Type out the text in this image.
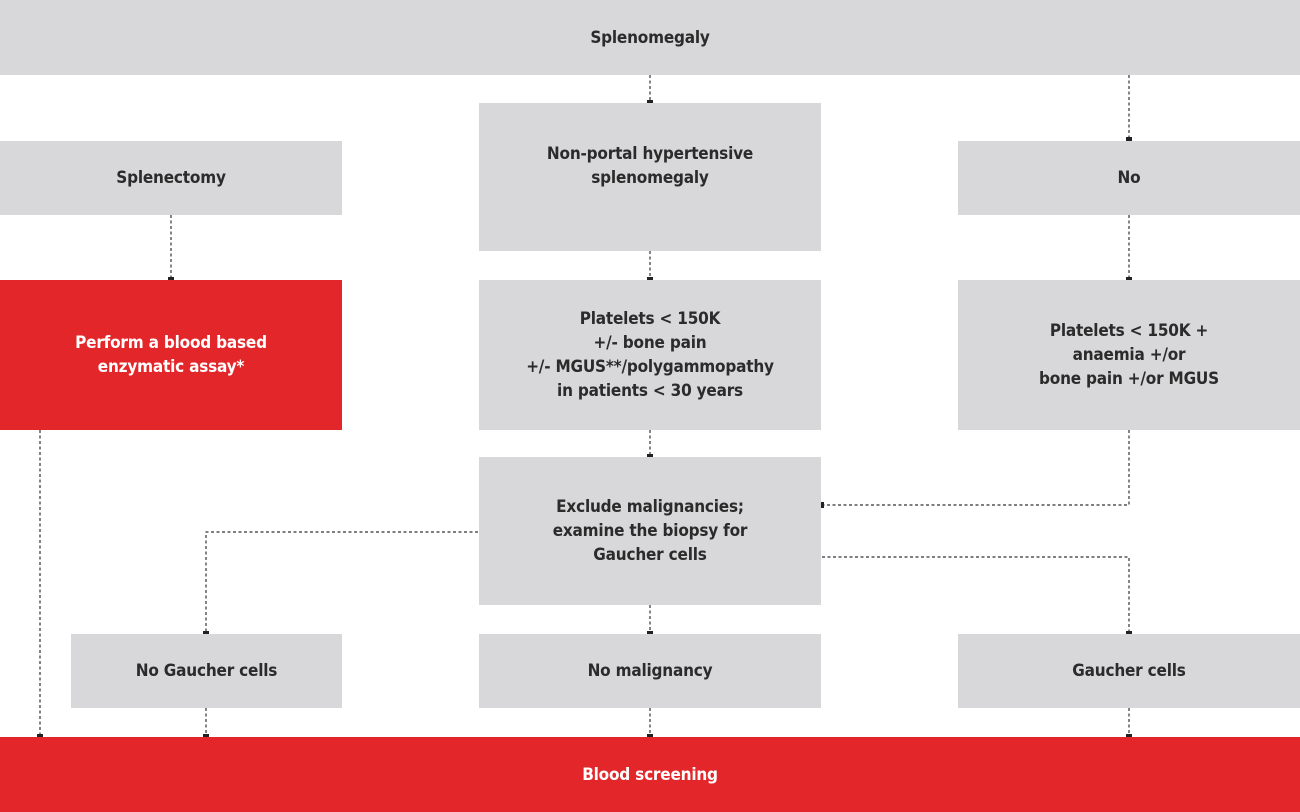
Splenomegaly
Splenectomy
Non-portal hypertensive
splenomegaly	No
Perform a blood based
enzymatic assay*
Platelets < 150K
+/- bone pain
+/- MGUS**/polygammopathy
in patients < 30 years
Platelets < 150K +
anaemia +/or
bone pain +/or MGUS
Exclude malignancies;
examine the biopsy for
Gaucher cells
No Gaucher cells	No malignancy	Gaucher cells
Blood screening
